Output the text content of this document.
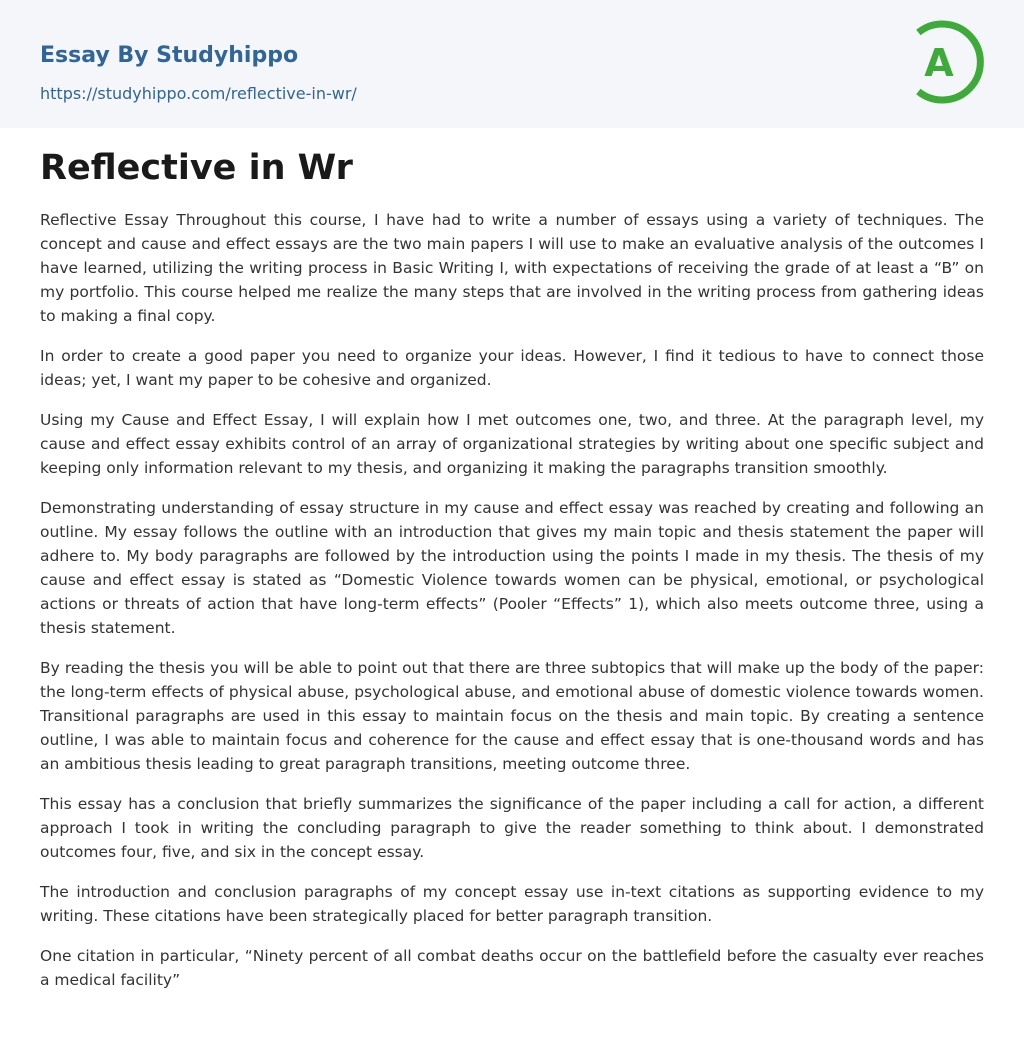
Essay By Studyhippo
https://studyhippo.com/reflective-in-wr/
A
Reflective in Wr

Reflective Essay Throughout this course, I have had to write a number of essays using a variety of techniques. The concept and cause and effect essays are the two main papers I will use to make an evaluative analysis of the outcomes I have learned, utilizing the writing process in Basic Writing I, with expectations of receiving the grade of at least a “B” on my portfolio. This course helped me realize the many steps that are involved in the writing process from gathering ideas to making a final copy.

In order to create a good paper you need to organize your ideas. However, I find it tedious to have to connect those ideas; yet, I want my paper to be cohesive and organized.

Using my Cause and Effect Essay, I will explain how I met outcomes one, two, and three. At the paragraph level, my cause and effect essay exhibits control of an array of organizational strategies by writing about one specific subject and keeping only information relevant to my thesis, and organizing it making the paragraphs transition smoothly.

Demonstrating understanding of essay structure in my cause and effect essay was reached by creating and following an outline. My essay follows the outline with an introduction that gives my main topic and thesis statement the paper will adhere to. My body paragraphs are followed by the introduction using the points I made in my thesis. The thesis of my cause and effect essay is stated as “Domestic Violence towards women can be physical, emotional, or psychological actions or threats of action that have long-term effects” (Pooler “Effects” 1), which also meets outcome three, using a thesis statement.

By reading the thesis you will be able to point out that there are three subtopics that will make up the body of the paper: the long-term effects of physical abuse, psychological abuse, and emotional abuse of domestic violence towards women. Transitional paragraphs are used in this essay to maintain focus on the thesis and main topic. By creating a sentence outline, I was able to maintain focus and coherence for the cause and effect essay that is one-thousand words and has an ambitious thesis leading to great paragraph transitions, meeting outcome three.

This essay has a conclusion that briefly summarizes the significance of the paper including a call for action, a different approach I took in writing the concluding paragraph to give the reader something to think about. I demonstrated outcomes four, five, and six in the concept essay.

The introduction and conclusion paragraphs of my concept essay use in-text citations as supporting evidence to my writing. These citations have been strategically placed for better paragraph transition.

One citation in particular, “Ninety percent of all combat deaths occur on the battlefield before the casualty ever reaches a medical facility”
